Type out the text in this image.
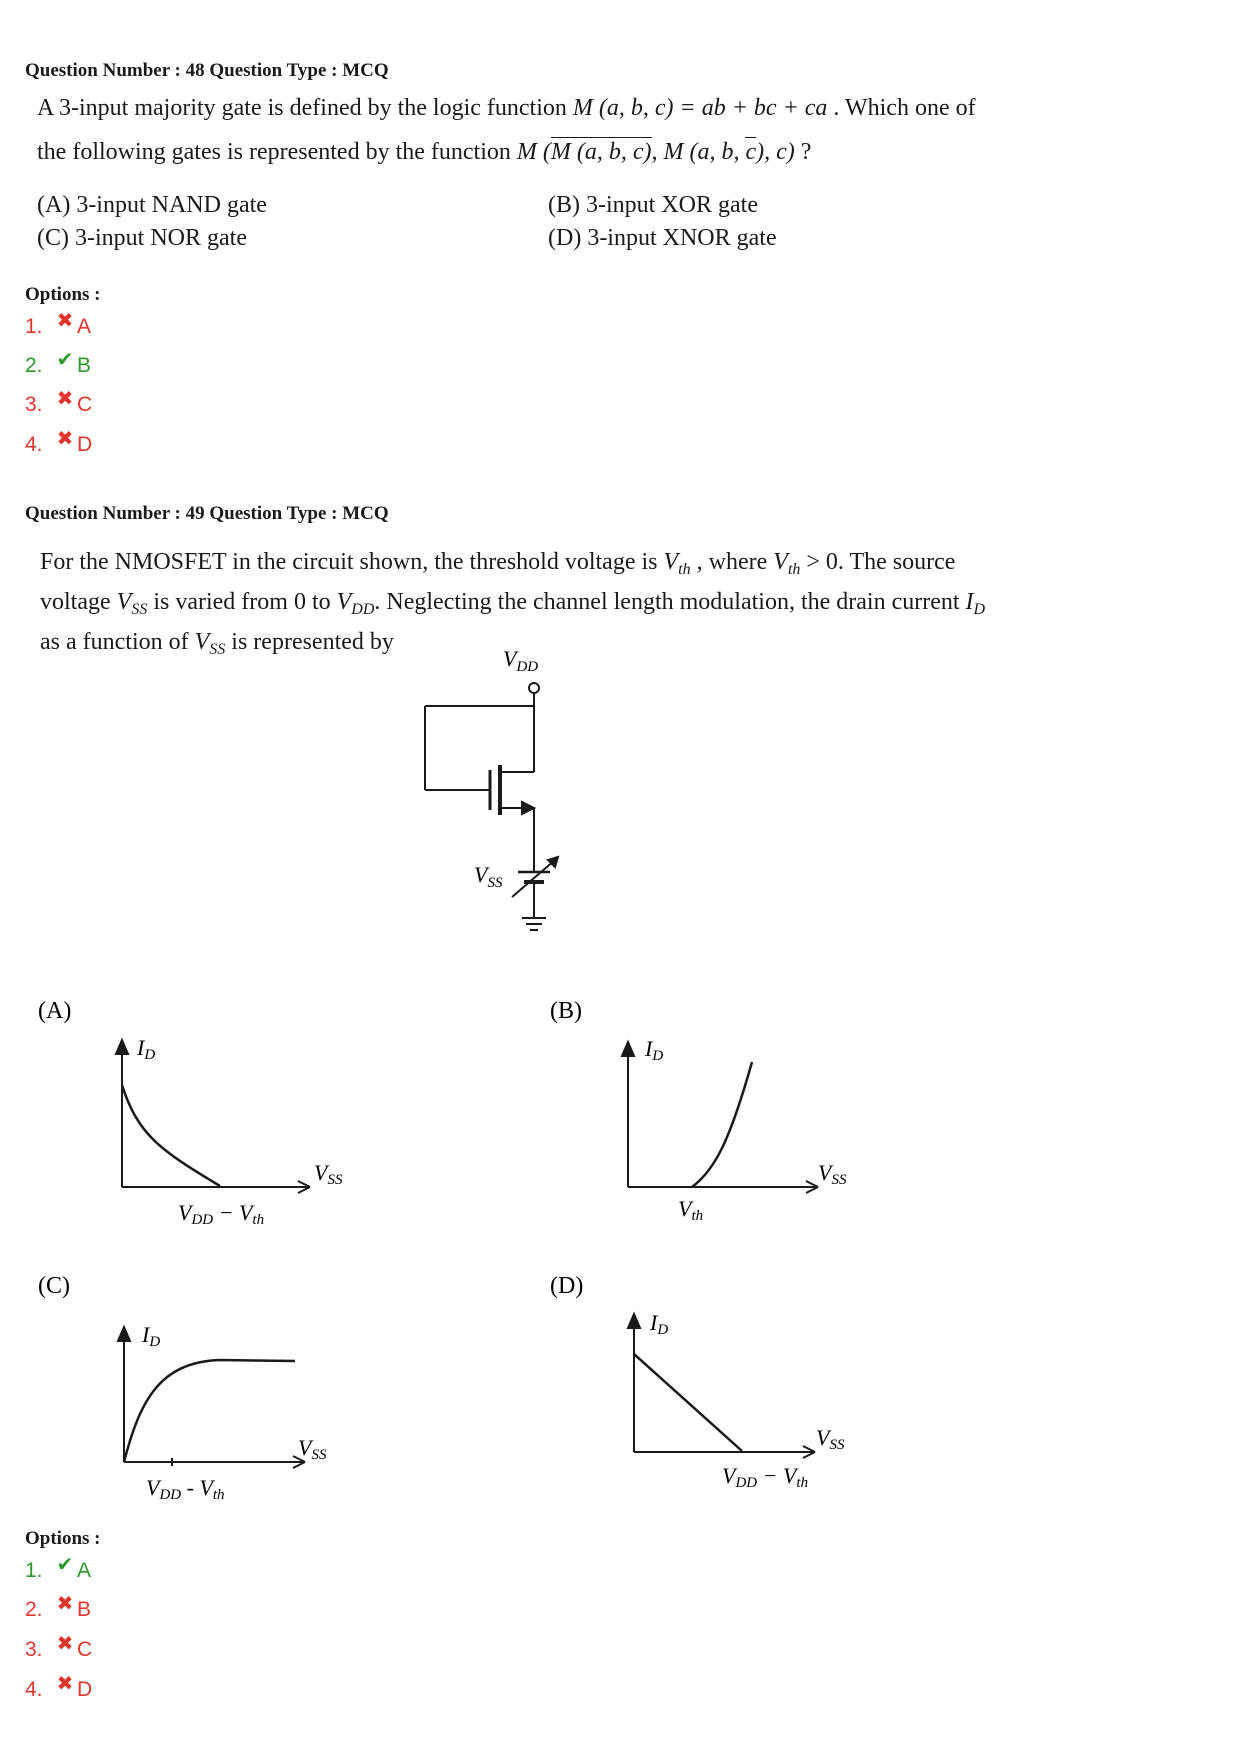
Question Number : 48 Question Type : MCQ
A 3-input majority gate is defined by the logic function M (a, b, c) = ab + bc + ca . Which one of
the following gates is represented by the function M (M (a, b, c), M (a, b, c), c) ?
(A) 3-input NAND gate	(B) 3-input XOR gate
(C) 3-input NOR gate	(D) 3-input XNOR gate
Options :
1. ✖ A
2. ✔ B
3. ✖ C
4. ✖ D
Question Number : 49 Question Type : MCQ
For the NMOSFET in the circuit shown, the threshold voltage is $V_{th}$ , where $V_{th} > 0$. The source
voltage $V_{SS}$ is varied from 0 to $V_{DD}$. Neglecting the channel length modulation, the drain current $I_D$
as a function of $V_{SS}$ is represented by
$V_{DD}$
$V_{SS}$
(A)
ID
VSS
VDD − Vth
(B)
ID
VSS
Vth
(C)
ID
VSS
VDD - Vth
(D)
ID
VSS
VDD − Vth
Options :
1. ✔ A
2. ✖ B
3. ✖ C
4. ✖ D
